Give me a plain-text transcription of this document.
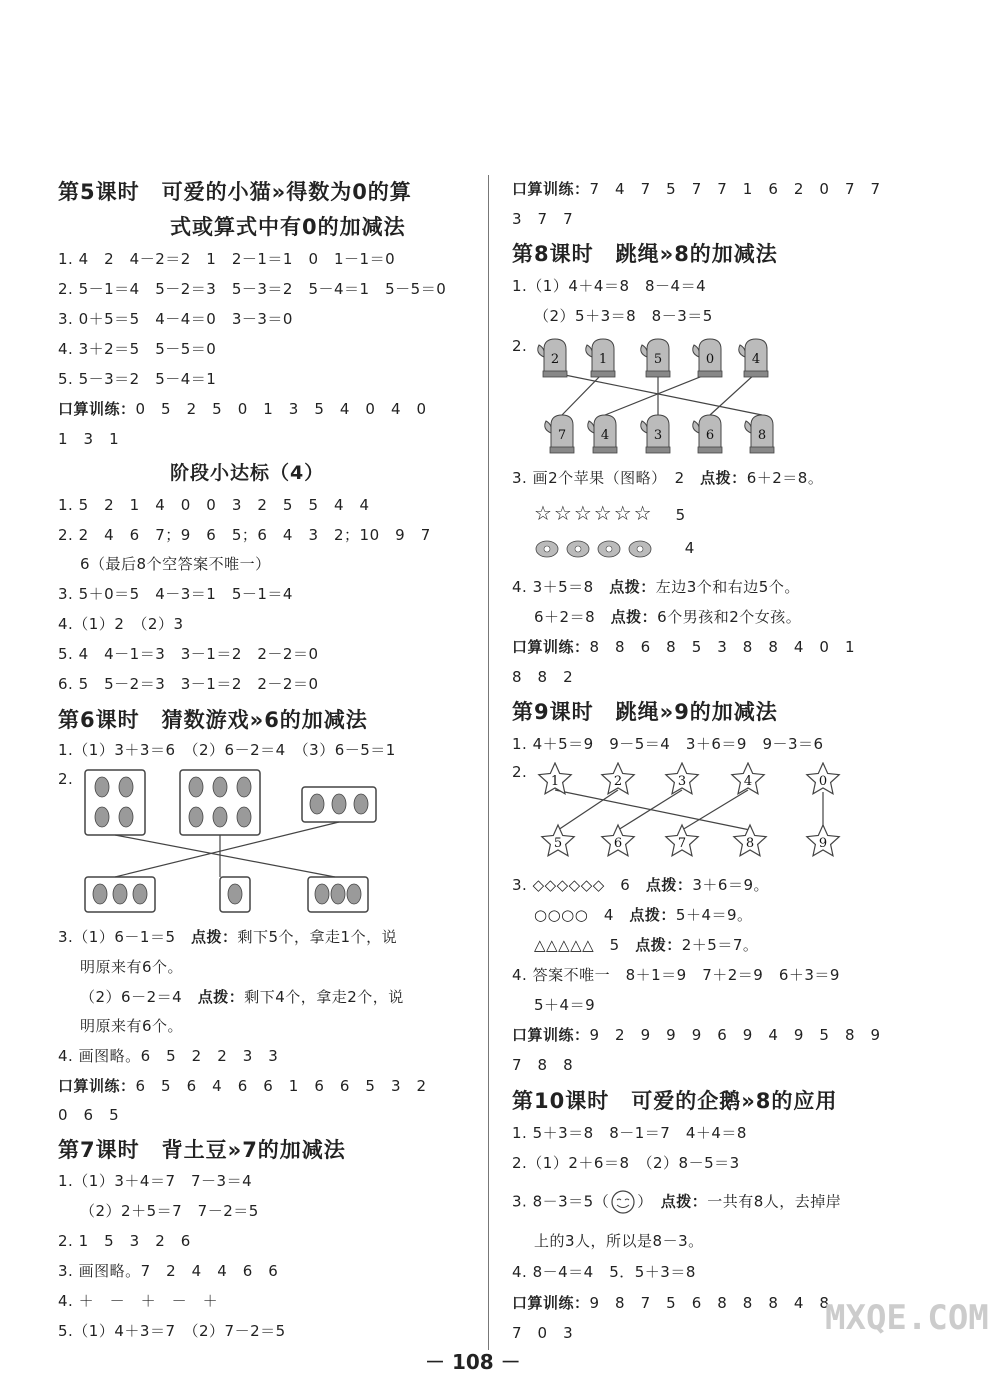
第5课时　可爱的小猫»得数为0的算
式或算式中有0的加减法
1. 4　2　4－2＝2　1　2－1＝1　0　1－1＝0
2. 5－1＝4　5－2＝3　5－3＝2　5－4＝1　5－5＝0
3. 0＋5＝5　4－4＝0　3－3＝0
4. 3＋2＝5　5－5＝0
5. 5－3＝2　5－4＝1
口算训练：0　5　2　5　0　1　3　5　4　0　4　0
1　3　1
阶段小达标（4）
1. 5　2　1　4　0　0　3　2　5　5　4　4
2. 2　4　6　7；9　6　5；6　4　3　2；10　9　7
6（最后8个空答案不唯一）
3. 5＋0＝5　4－3＝1　5－1＝4
4.（1）2　（2）3
5. 4　4－1＝3　3－1＝2　2－2＝0
6. 5　5－2＝3　3－1＝2　2－2＝0
第6课时　猜数游戏»6的加减法
1.（1）3＋3＝6　（2）6－2＝4　（3）6－5＝1
2.
3.（1）6－1＝5　点拨：剩下5个，拿走1个，说
明原来有6个。
（2）6－2＝4　点拨：剩下4个，拿走2个，说
明原来有6个。
4. 画图略。6　5　2　2　3　3
口算训练：6　5　6　4　6　6　1　6　6　5　3　2
0　6　5
第7课时　背土豆»7的加减法
1.（1）3＋4＝7　7－3＝4
（2）2＋5＝7　7－2＝5
2. 1　5　3　2　6
3. 画图略。7　2　4　4　6　6
4. ＋　－　＋　－　＋
5.（1）4＋3＝7　（2）7－2＝5
口算训练：7　4　7　5　7　7　1　6　2　0　7　7
3　7　7
第8课时　跳绳»8的加减法
1.（1）4＋4＝8　8－4＝4
（2）5＋3＝8　8－3＝5
2.
2	1	5	0	4
7	4	3	6	8
3. 画2个苹果（图略）　2　点拨：6＋2＝8。
☆☆☆☆☆☆　 5
　4
4. 3＋5＝8　点拨：左边3个和右边5个。
6＋2＝8　点拨：6个男孩和2个女孩。
口算训练：8　8　6　8　5　3　8　8　4　0　1
8　8　2
第9课时　跳绳»9的加减法
1. 4＋5＝9　9－5＝4　3＋6＝9　9－3＝6
2.
1	2	3	4	0
5	6	7	8	9
3. ◇◇◇◇◇◇　6　点拨：3＋6＝9。
○○○○　4　点拨：5＋4＝9。
△△△△△　5　点拨：2＋5＝7。
4. 答案不唯一　8＋1＝9　7＋2＝9　6＋3＝9
5＋4＝9
口算训练：9　2　9　9　9　6　9　4　9　5　8　9
7　8　8
第10课时　可爱的企鹅»8的应用
1. 5＋3＝8　8－1＝7　4＋4＝8
2.（1）2＋6＝8　（2）8－5＝3
3. 8－3＝5（ ）　点拨：一共有8人，去掉岸
上的3人，所以是8－3。
4. 8－4＝4　5．5＋3＝8
口算训练：9　8　7　5　6　8　8　8　4　8
7　0　3	MXQE.COM
－ 108 －
